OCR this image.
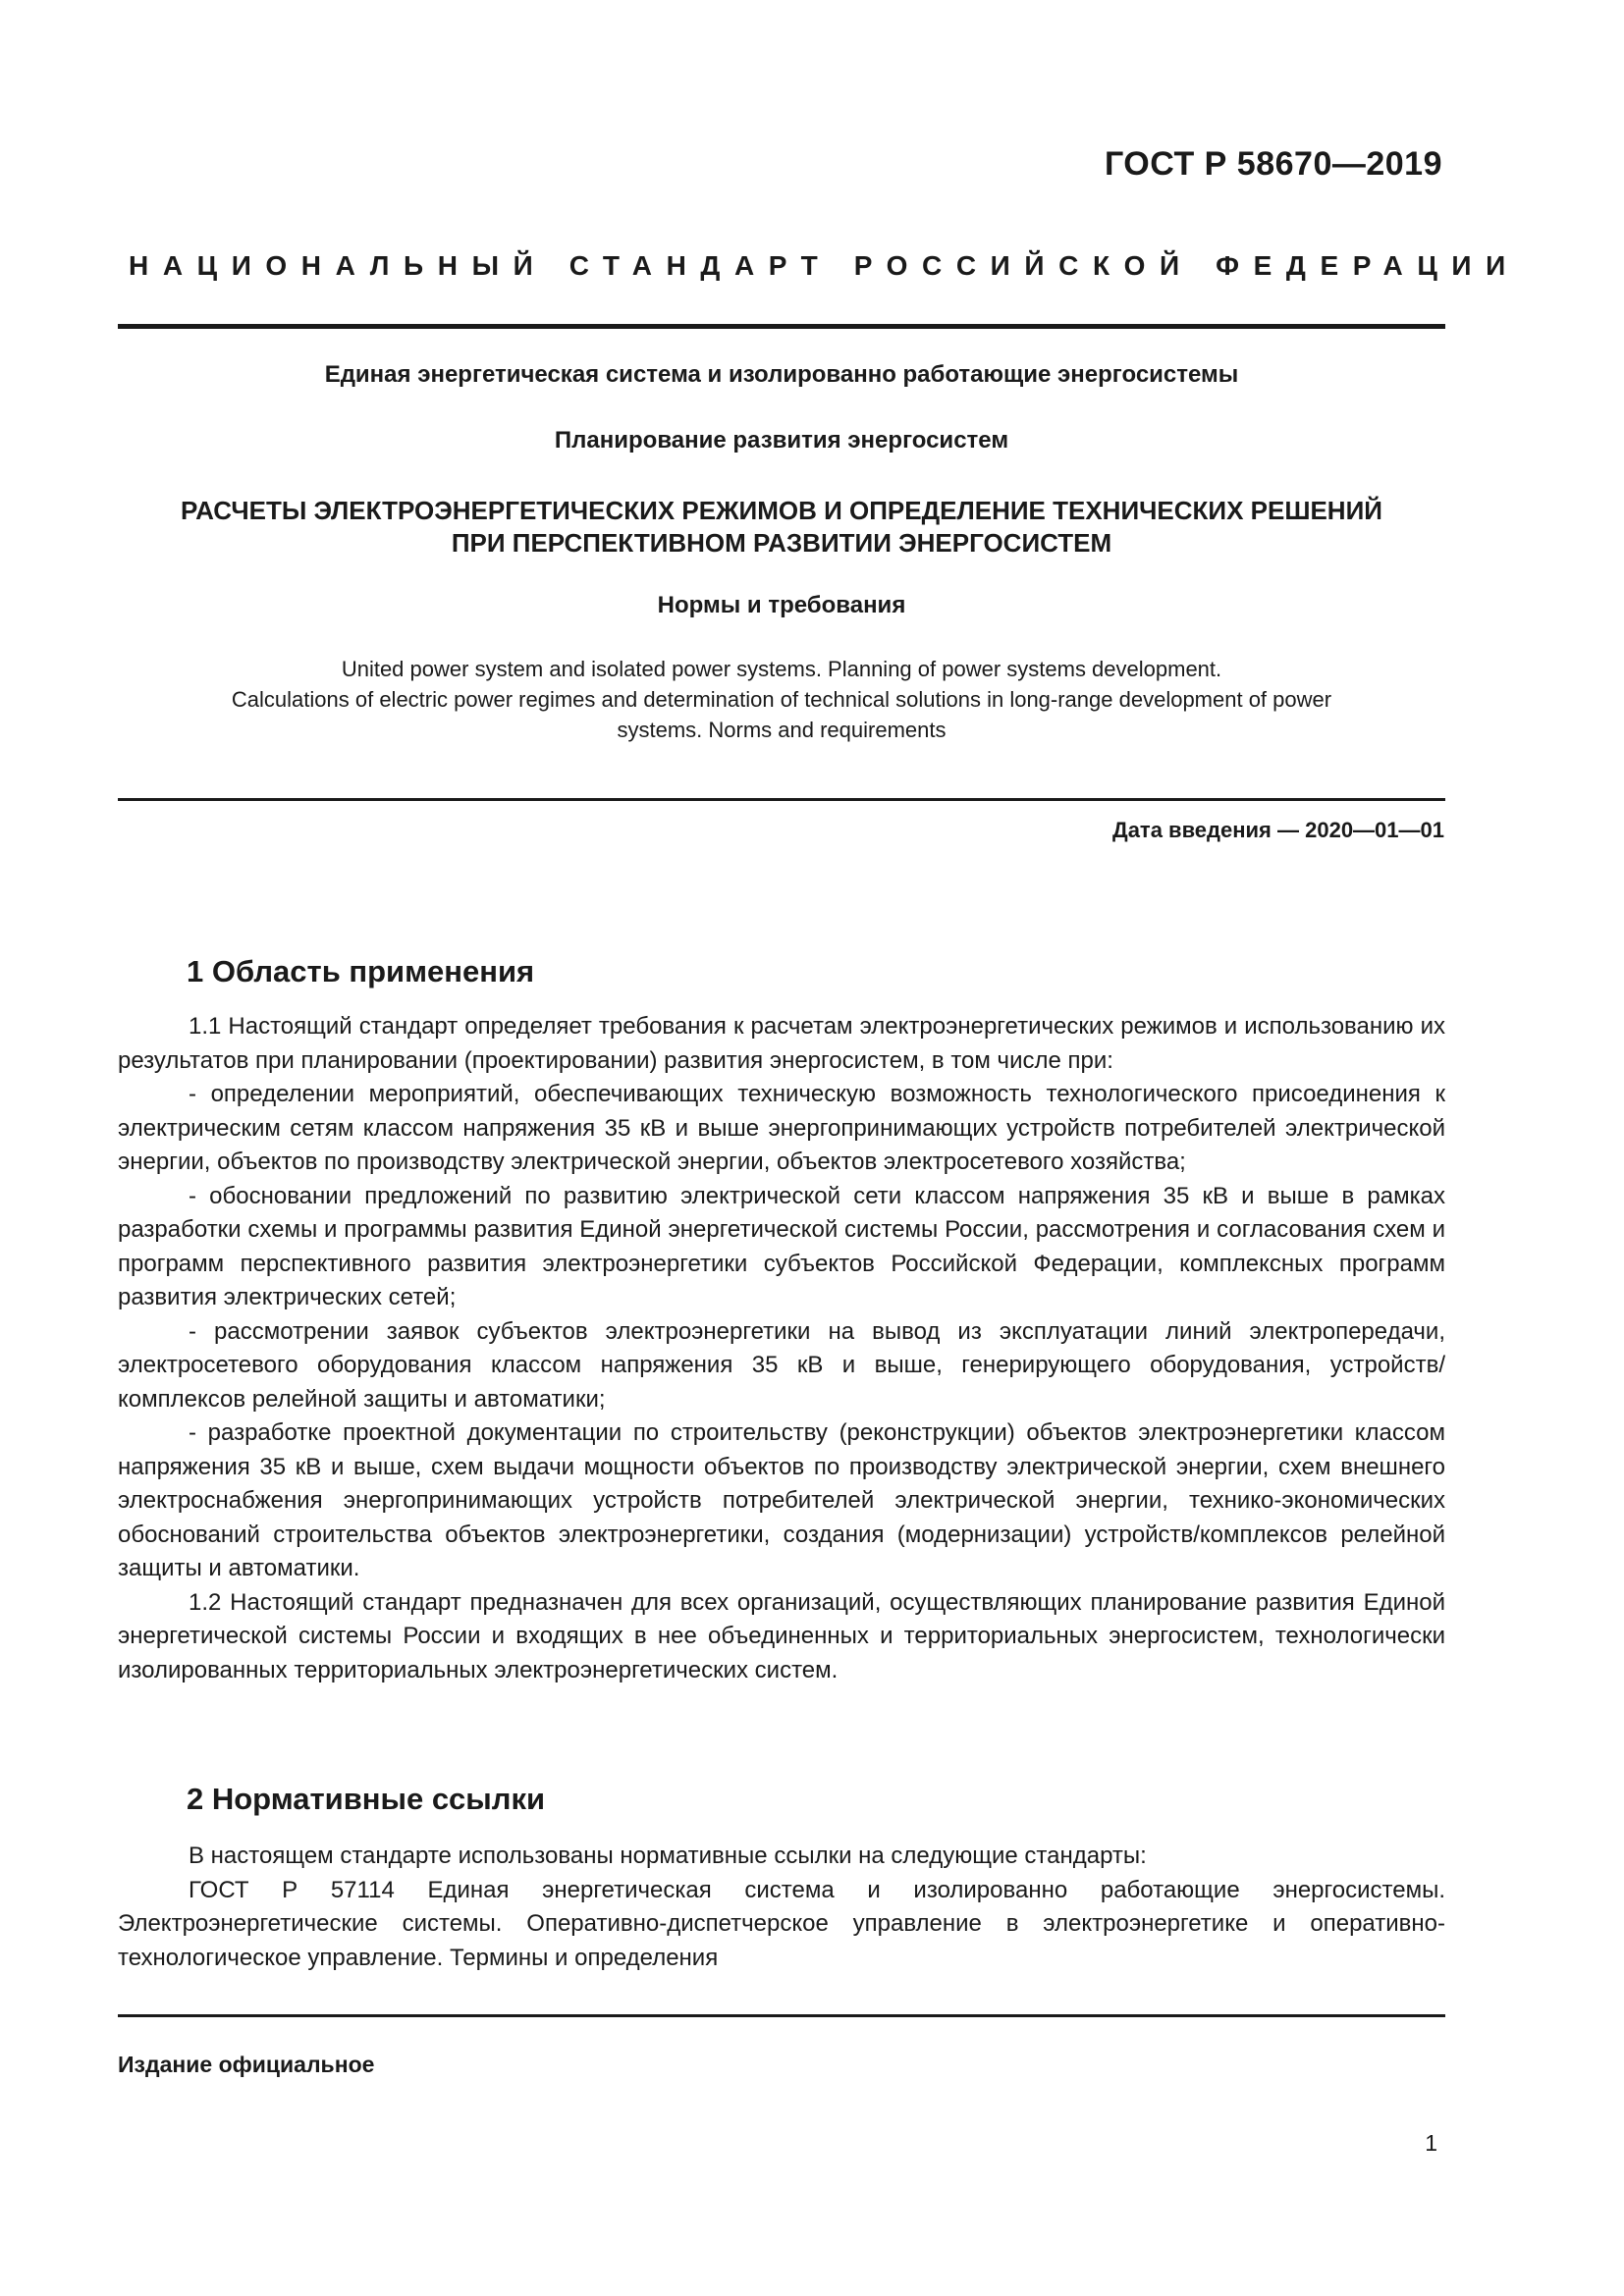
ГОСТ Р 58670—2019
НАЦИОНАЛЬНЫЙ СТАНДАРТ РОССИЙСКОЙ ФЕДЕРАЦИИ
Единая энергетическая система и изолированно работающие энергосистемы
Планирование развития энергосистем
РАСЧЕТЫ ЭЛЕКТРОЭНЕРГЕТИЧЕСКИХ РЕЖИМОВ И ОПРЕДЕЛЕНИЕ ТЕХНИЧЕСКИХ РЕШЕНИЙ
ПРИ ПЕРСПЕКТИВНОМ РАЗВИТИИ ЭНЕРГОСИСТЕМ
Нормы и требования
United power system and isolated power systems. Planning of power systems development.
Calculations of electric power regimes and determination of technical solutions in long-range development of power
systems. Norms and requirements
Дата введения — 2020—01—01
1 Область применения

1.1 Настоящий стандарт определяет требования к расчетам электроэнергетических режимов и использованию их результатов при планировании (проектировании) развития энергосистем, в том числе при:

- определении мероприятий, обеспечивающих техническую возможность технологического присоединения к электрическим сетям классом напряжения 35 кВ и выше энергопринимающих устройств потребителей электрической энергии, объектов по производству электрической энергии, объектов электросетевого хозяйства;

- обосновании предложений по развитию электрической сети классом напряжения 35 кВ и выше в рамках разработки схемы и программы развития Единой энергетической системы России, рассмотрения и согласования схем и программ перспективного развития электроэнергетики субъектов Российской Федерации, комплексных программ развития электрических сетей;

- рассмотрении заявок субъектов электроэнергетики на вывод из эксплуатации линий электропередачи, электросетевого оборудования классом напряжения 35 кВ и выше, генерирующего оборудования, устройств/комплексов релейной защиты и автоматики;

- разработке проектной документации по строительству (реконструкции) объектов электроэнергетики классом напряжения 35 кВ и выше, схем выдачи мощности объектов по производству электрической энергии, схем внешнего электроснабжения энергопринимающих устройств потребителей электрической энергии, технико-экономических обоснований строительства объектов электроэнергетики, создания (модернизации) устройств/комплексов релейной защиты и автоматики.

1.2 Настоящий стандарт предназначен для всех организаций, осуществляющих планирование развития Единой энергетической системы России и входящих в нее объединенных и территориальных энергосистем, технологически изолированных территориальных электроэнергетических систем.

2 Нормативные ссылки

В настоящем стандарте использованы нормативные ссылки на следующие стандарты:

ГОСТ Р 57114 Единая энергетическая система и изолированно работающие энергосистемы. Электроэнергетические системы. Оперативно-диспетчерское управление в электроэнергетике и оперативно-технологическое управление. Термины и определения

Издание официальное
1
